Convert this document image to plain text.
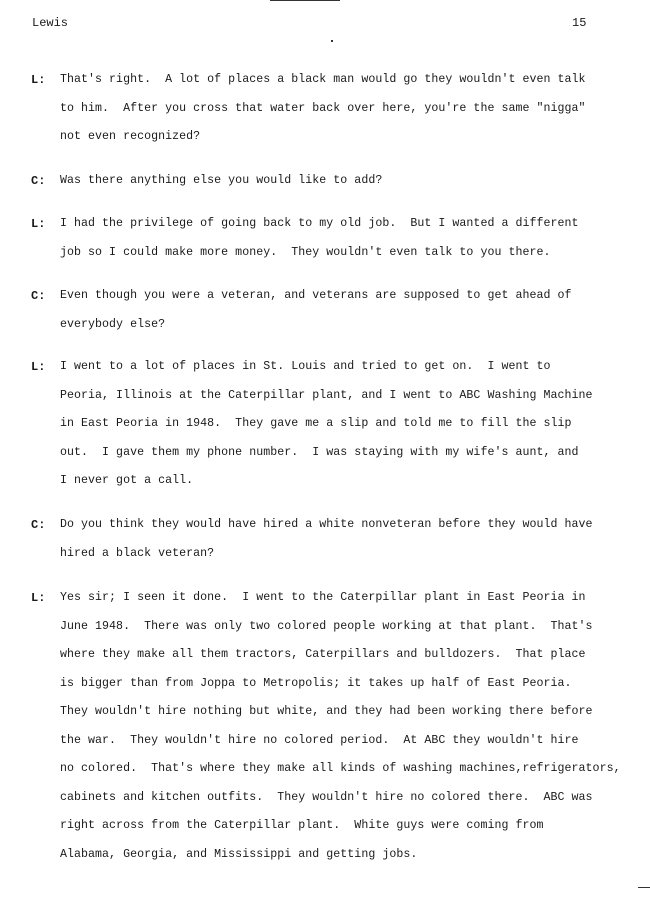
Lewis	15
L: That's right.  A lot of places a black man would go they wouldn't even talk
to him.  After you cross that water back over here, you're the same "nigga"
not even recognized?
C: Was there anything else you would like to add?
L: I had the privilege of going back to my old job.  But I wanted a different
job so I could make more money.  They wouldn't even talk to you there.
C: Even though you were a veteran, and veterans are supposed to get ahead of
everybody else?
L: I went to a lot of places in St. Louis and tried to get on.  I went to
Peoria, Illinois at the Caterpillar plant, and I went to ABC Washing Machine
in East Peoria in 1948.  They gave me a slip and told me to fill the slip
out.  I gave them my phone number.  I was staying with my wife's aunt, and
I never got a call.
C: Do you think they would have hired a white nonveteran before they would have
hired a black veteran?
L: Yes sir; I seen it done.  I went to the Caterpillar plant in East Peoria in
June 1948.  There was only two colored people working at that plant.  That's
where they make all them tractors, Caterpillars and bulldozers.  That place
is bigger than from Joppa to Metropolis; it takes up half of East Peoria.
They wouldn't hire nothing but white, and they had been working there before
the war.  They wouldn't hire no colored period.  At ABC they wouldn't hire
no colored.  That's where they make all kinds of washing machines,refrigerators,
cabinets and kitchen outfits.  They wouldn't hire no colored there.  ABC was
right across from the Caterpillar plant.  White guys were coming from
Alabama, Georgia, and Mississippi and getting jobs.
